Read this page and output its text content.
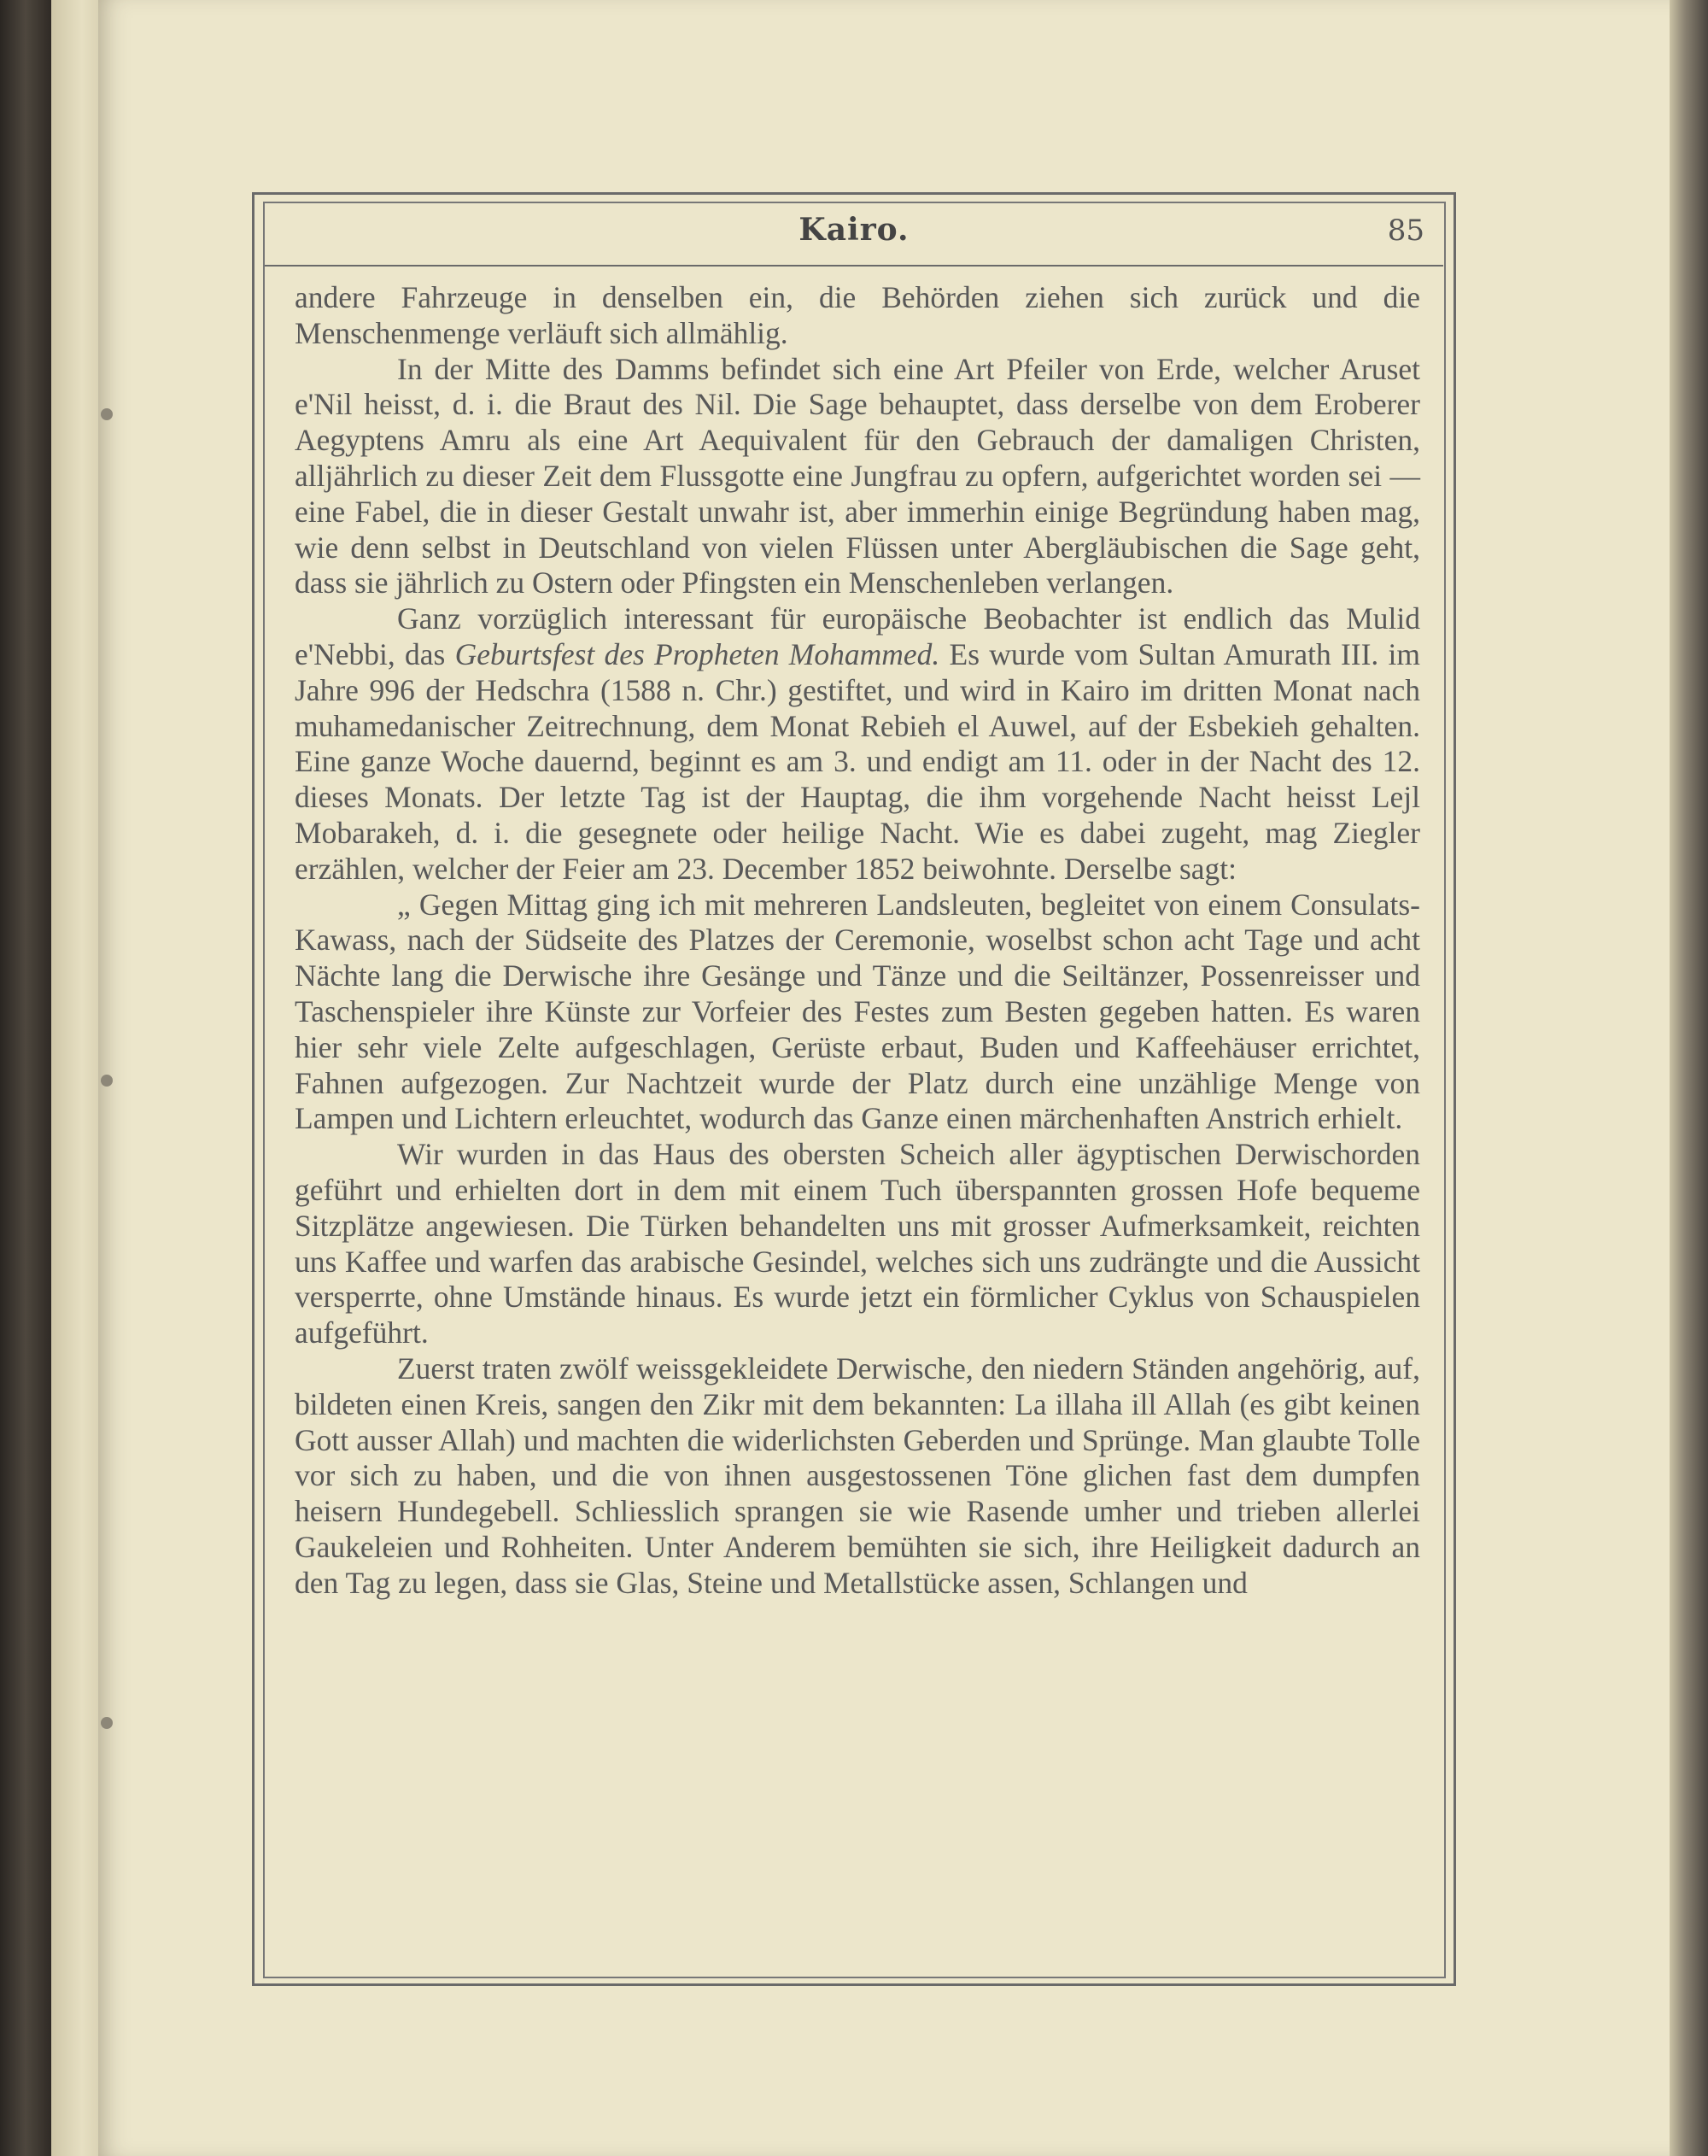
Kairo.	85

andere Fahrzeuge in denselben ein, die Behörden ziehen sich zurück und die Menschenmenge verläuft sich allmählig.

In der Mitte des Damms befindet sich eine Art Pfeiler von Erde, welcher Aruset e'Nil heisst, d. i. die Braut des Nil. Die Sage behauptet, dass derselbe von dem Eroberer Aegyptens Amru als eine Art Aequivalent für den Gebrauch der damaligen Christen, alljährlich zu dieser Zeit dem Flussgotte eine Jungfrau zu opfern, aufgerichtet worden sei — eine Fabel, die in dieser Gestalt unwahr ist, aber immerhin einige Begründung haben mag, wie denn selbst in Deutschland von vielen Flüssen unter Abergläubischen die Sage geht, dass sie jährlich zu Ostern oder Pfingsten ein Menschenleben verlangen.

Ganz vorzüglich interessant für europäische Beobachter ist endlich das Mulid e'Nebbi, das Geburtsfest des Propheten Mohammed. Es wurde vom Sultan Amurath III. im Jahre 996 der Hedschra (1588 n. Chr.) gestiftet, und wird in Kairo im dritten Monat nach muhamedanischer Zeitrechnung, dem Monat Rebieh el Auwel, auf der Esbekieh gehalten. Eine ganze Woche dauernd, beginnt es am 3. und endigt am 11. oder in der Nacht des 12. dieses Monats. Der letzte Tag ist der Hauptag, die ihm vorgehende Nacht heisst Lejl Mobarakeh, d. i. die gesegnete oder heilige Nacht. Wie es dabei zugeht, mag Ziegler erzählen, welcher der Feier am 23. December 1852 beiwohnte. Derselbe sagt:

„ Gegen Mittag ging ich mit mehreren Landsleuten, begleitet von einem Consulats-Kawass, nach der Südseite des Platzes der Ceremonie, woselbst schon acht Tage und acht Nächte lang die Derwische ihre Gesänge und Tänze und die Seiltänzer, Possenreisser und Taschenspieler ihre Künste zur Vorfeier des Festes zum Besten gegeben hatten. Es waren hier sehr viele Zelte aufgeschlagen, Gerüste erbaut, Buden und Kaffeehäuser errichtet, Fahnen aufgezogen. Zur Nachtzeit wurde der Platz durch eine unzählige Menge von Lampen und Lichtern erleuchtet, wodurch das Ganze einen märchenhaften Anstrich erhielt.

Wir wurden in das Haus des obersten Scheich aller ägyptischen Derwischorden geführt und erhielten dort in dem mit einem Tuch überspannten grossen Hofe bequeme Sitzplätze angewiesen. Die Türken behandelten uns mit grosser Aufmerksamkeit, reichten uns Kaffee und warfen das arabische Gesindel, welches sich uns zudrängte und die Aussicht versperrte, ohne Umstände hinaus. Es wurde jetzt ein förmlicher Cyklus von Schauspielen aufgeführt.

Zuerst traten zwölf weissgekleidete Derwische, den niedern Ständen angehörig, auf, bildeten einen Kreis, sangen den Zikr mit dem bekannten: La illaha ill Allah (es gibt keinen Gott ausser Allah) und machten die widerlichsten Geberden und Sprünge. Man glaubte Tolle vor sich zu haben, und die von ihnen ausgestossenen Töne glichen fast dem dumpfen heisern Hundegebell. Schliesslich sprangen sie wie Rasende umher und trieben allerlei Gaukeleien und Rohheiten. Unter Anderem bemühten sie sich, ihre Heiligkeit dadurch an den Tag zu legen, dass sie Glas, Steine und Metallstücke assen, Schlangen und
